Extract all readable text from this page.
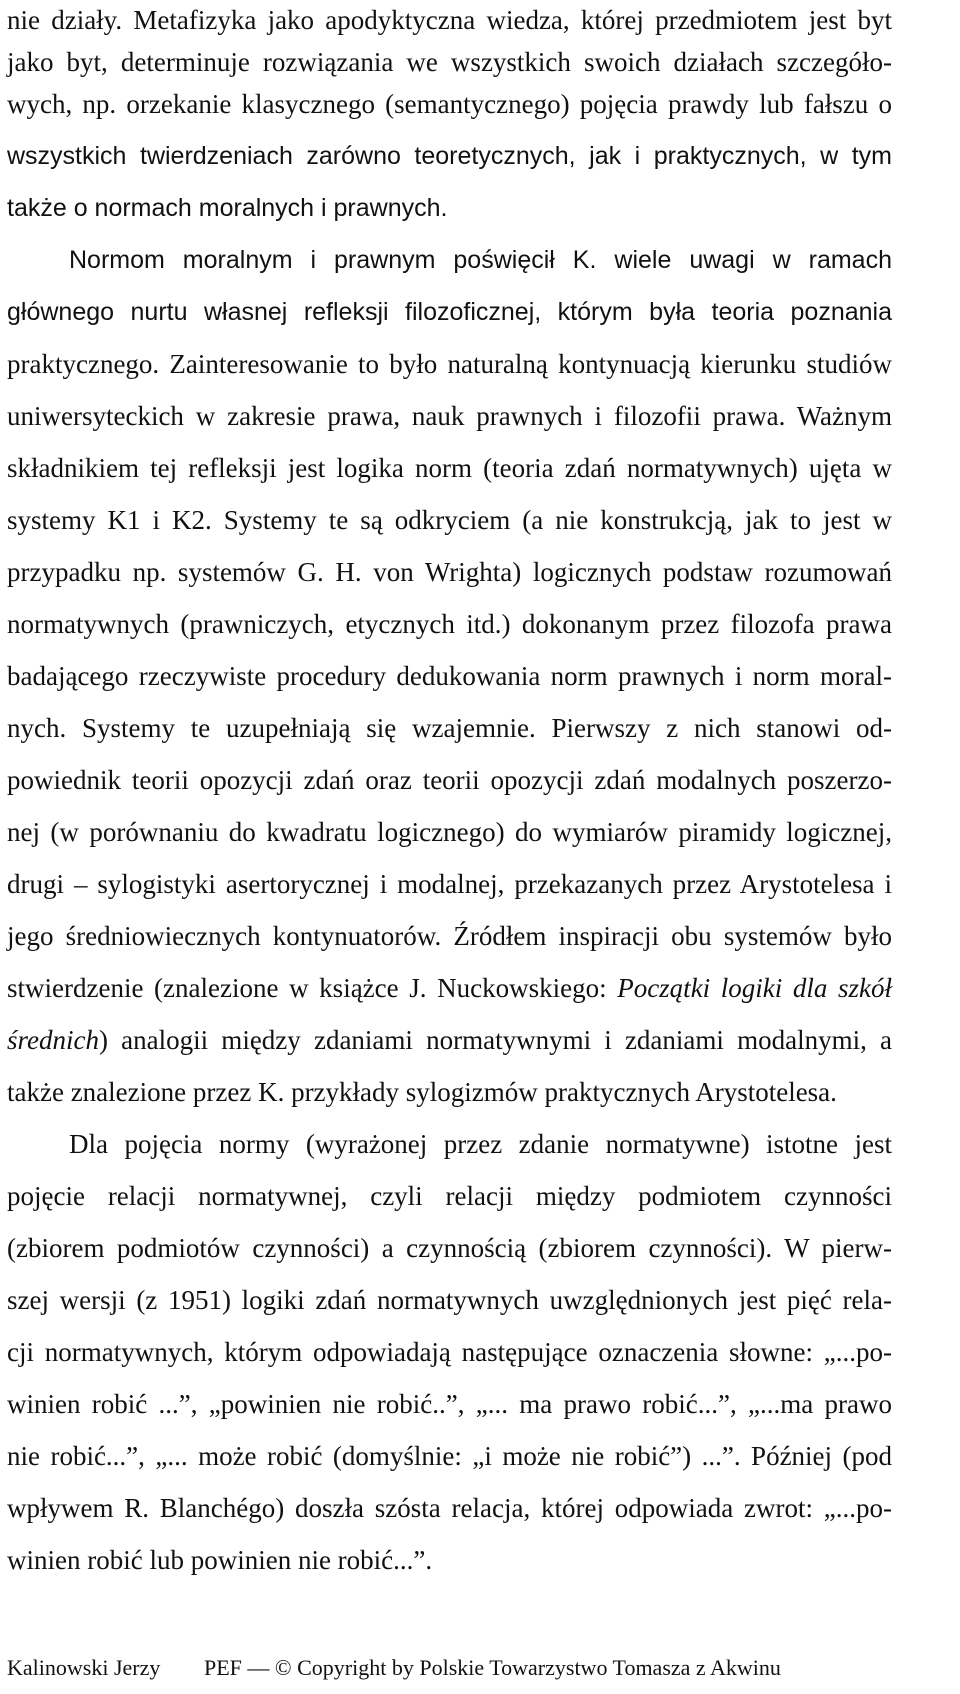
nie działy. Metafizyka jako apodyktyczna wiedza, której przedmiotem jest byt
jako byt, determinuje rozwiązania we wszystkich swoich działach szczegóło-
wych, np. orzekanie klasycznego (semantycznego) pojęcia prawdy lub fałszu o
wszystkich twierdzeniach zarówno teoretycznych, jak i praktycznych, w tym
także o normach moralnych i prawnych.
Normom moralnym i prawnym poświęcił K. wiele uwagi w ramach
głównego nurtu własnej refleksji filozoficznej, którym była teoria poznania
praktycznego. Zainteresowanie to było naturalną kontynuacją kierunku studiów
uniwersyteckich w zakresie prawa, nauk prawnych i filozofii prawa. Ważnym
składnikiem tej refleksji jest logika norm (teoria zdań normatywnych) ujęta w
systemy K1 i K2. Systemy te są odkryciem (a nie konstrukcją, jak to jest w
przypadku np. systemów G. H. von Wrighta) logicznych podstaw rozumowań
normatywnych (prawniczych, etycznych itd.) dokonanym przez filozofa prawa
badającego rzeczywiste procedury dedukowania norm prawnych i norm moral-
nych. Systemy te uzupełniają się wzajemnie. Pierwszy z nich stanowi od-
powiednik teorii opozycji zdań oraz teorii opozycji zdań modalnych poszerzo-
nej (w porównaniu do kwadratu logicznego) do wymiarów piramidy logicznej,
drugi – sylogistyki asertorycznej i modalnej, przekazanych przez Arystotelesa i
jego średniowiecznych kontynuatorów. Źródłem inspiracji obu systemów było
stwierdzenie (znalezione w książce J. Nuckowskiego: Początki logiki dla szkół
średnich) analogii między zdaniami normatywnymi i zdaniami modalnymi, a
także znalezione przez K. przykłady sylogizmów praktycznych Arystotelesa.
Dla pojęcia normy (wyrażonej przez zdanie normatywne) istotne jest
pojęcie relacji normatywnej, czyli relacji między podmiotem czynności
(zbiorem podmiotów czynności) a czynnością (zbiorem czynności). W pierw-
szej wersji (z 1951) logiki zdań normatywnych uwzględnionych jest pięć rela-
cji normatywnych, którym odpowiadają następujące oznaczenia słowne: „...po-
winien robić ...”, „powinien nie robić..”, „... ma prawo robić...”, „...ma prawo
nie robić...”, „... może robić (domyślnie: „i może nie robić”) ...”. Później (pod
wpływem R. Blanchégo) doszła szósta relacja, której odpowiada zwrot: „...po-
winien robić lub powinien nie robić...”.
Kalinowski Jerzy PEF — © Copyright by Polskie Towarzystwo Tomasza z Akwinu
